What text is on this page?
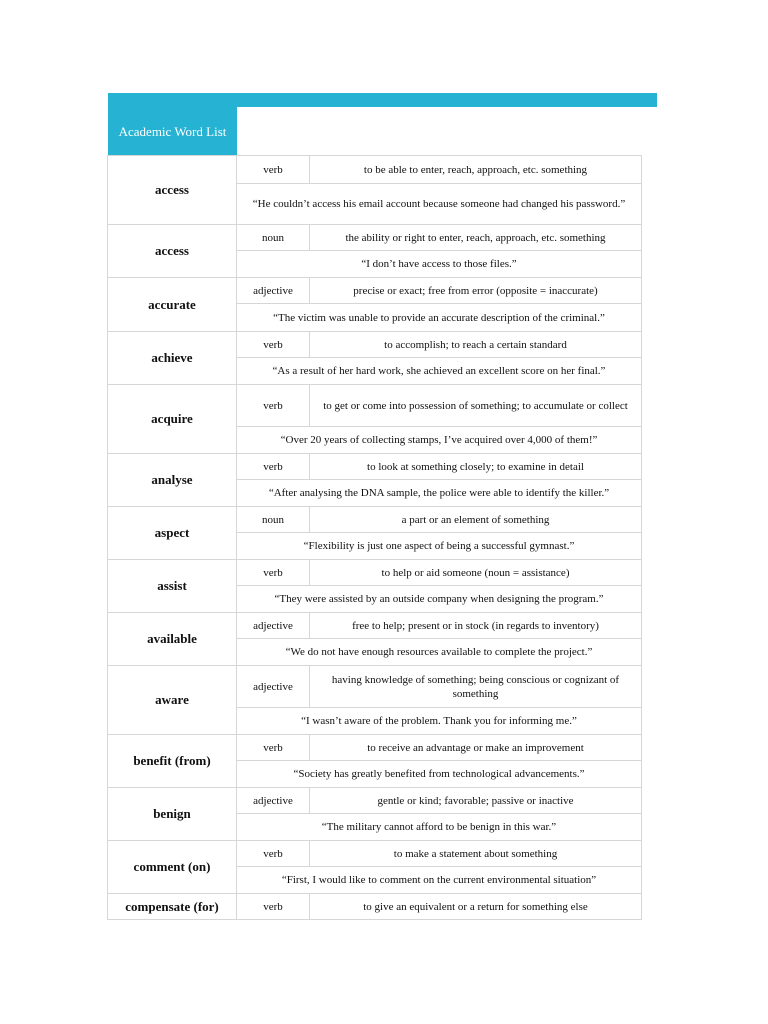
Academic Word List
access	verb	to be able to enter, reach, approach, etc. something
	“He couldn’t access his email account because someone had changed his password.”	
access	noun	the ability or right to enter, reach, approach, etc. something
	“I don’t have access to those files.”	
accurate	adjective	precise or exact; free from error (opposite = inaccurate)
	“The victim was unable to provide an accurate description of the criminal.”	
achieve	verb	to accomplish; to reach a certain standard
	“As a result of her hard work, she achieved an excellent score on her final.”	
acquire	verb	to get or come into possession of something; to accumulate or collect
	“Over 20 years of collecting stamps, I’ve acquired over 4,000 of them!”	
analyse	verb	to look at something closely; to examine in detail
	“After analysing the DNA sample, the police were able to identify the killer.”	
aspect	noun	a part or an element of something
	“Flexibility is just one aspect of being a successful gymnast.”	
assist	verb	to help or aid someone (noun = assistance)
	“They were assisted by an outside company when designing the program.”	
available	adjective	free to help; present or in stock (in regards to inventory)
	“We do not have enough resources available to complete the project.”	
aware	adjective	having knowledge of something; being conscious or cognizant of something
	“I wasn’t aware of the problem. Thank you for informing me.”	
benefit (from)	verb	to receive an advantage or make an improvement
	“Society has greatly benefited from technological advancements.”	
benign	adjective	gentle or kind; favorable; passive or inactive
	“The military cannot afford to be benign in this war.”	
comment (on)	verb	to make a statement about something
	“First, I would like to comment on the current environmental situation”	
compensate (for)	verb	to give an equivalent or a return for something else
